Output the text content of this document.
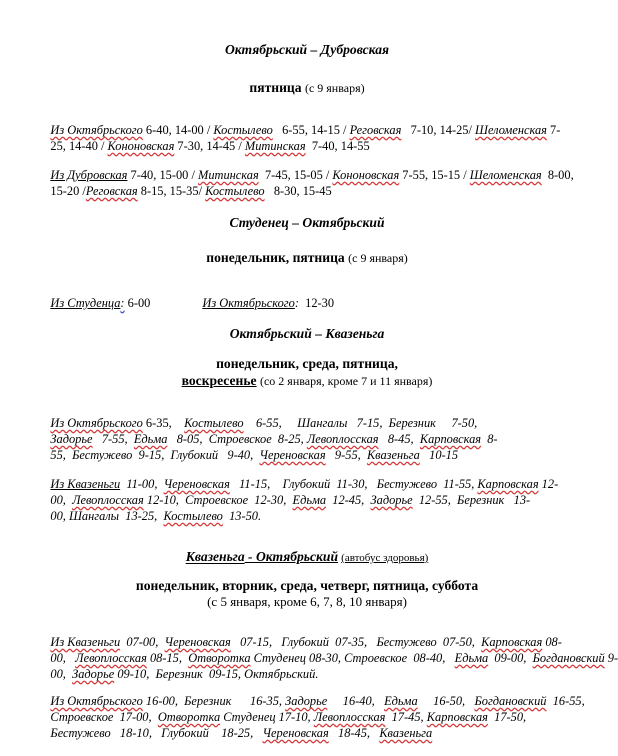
Октябрьский – Дубровская
пятница (с 9 января)

Из Октябрьского 6-40, 14-00 / Костылево   6-55, 14-15 / Реговская   7-10, 14-25/ Шеломенская 7-

25, 14-40 / Кононовская 7-30, 14-45 / Митинская  7-40, 14-55

Из Дубровская 7-40, 15-00 / Митинская  7-45, 15-05 / Кононовская 7-55, 15-15 / Шеломенская  8-00,

15-20 /Реговская 8-15, 15-35/ Костылево   8-30, 15-45

Студенец – Октябрьский
понедельник, пятница (с 9 января)

Из Студенца: 6-00	Из Октябрьского:  12-30

Октябрьский – Квазеньга
понедельник, среда, пятница,
воскресенье (со 2 января, кроме 7 и 11 января)

Из Октябрьского 6-35,    Костылево    6-55,     Шангалы   7-15,  Березник     7-50,

Задорье   7-55,  Едьма   8-05,  Строевское  8-25, Левоплосская   8-45,  Карповская  8-

55,  Бестужево  9-15,  Глубокий   9-40,  Череновская   9-55,  Квазеньга   10-15

Из Квазеньги  11-00,  Череновская   11-15,    Глубокий  11-30,   Бестужево  11-55, Карповская 12-

00,  Левоплосская 12-10,  Строевское  12-30,  Едьма  12-45,  Задорье  12-55,  Березник   13-

00, Шангалы  13-25,  Костылево  13-50.

Квазеньга - Октябрьский (автобус здоровья)
понедельник, вторник, среда, четверг, пятница, суббота
(с 5 января, кроме 6, 7, 8, 10 января)

Из Квазеньги  07-00,  Череновская   07-15,   Глубокий  07-35,   Бестужево  07-50,  Карповская 08-

00,   Левоплосская 08-15,  Отворотка Студенец 08-30, Строевское  08-40,   Едьма  09-00,  Богдановский 9-

00,  Задорье 09-10,  Березник  09-15, Октябрьский.

Из Октябрьского 16-00,  Березник      16-35, Задорье     16-40,   Едьма     16-50,   Богдановский  16-55,

Строевское  17-00,  Отворотка Студенец 17-10, Левоплосская  17-45, Карповская  17-50,

Бестужево   18-10,   Глубокий    18-25,   Череновская   18-45,   Квазеньга
